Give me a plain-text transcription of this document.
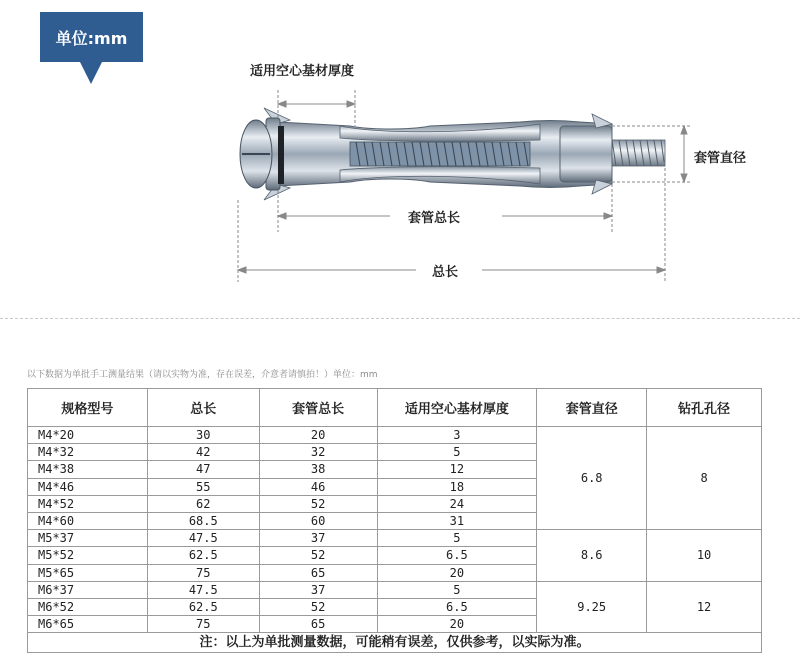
单位:mm
适用空心基材厚度
套管直径
套管总长
总长
以下数据为单批手工测量结果（请以实物为准，存在误差，介意者请慎拍！）单位：mm
规格型号	总长	套管总长	适用空心基材厚度	套管直径	钻孔孔径
M4*20	30	20	3	6.8	8
M4*32	42	32	5		
M4*38	47	38	12		
M4*46	55	46	18		
M4*52	62	52	24		
M4*60	68.5	60	31		
M5*37	47.5	37	5	8.6	10
M5*52	62.5	52	6.5		
M5*65	75	65	20		
M6*37	47.5	37	5	9.25	12
M6*52	62.5	52	6.5		
M6*65	75	65	20		
注：以上为单批测量数据，可能稍有误差，仅供参考，以实际为准。					
